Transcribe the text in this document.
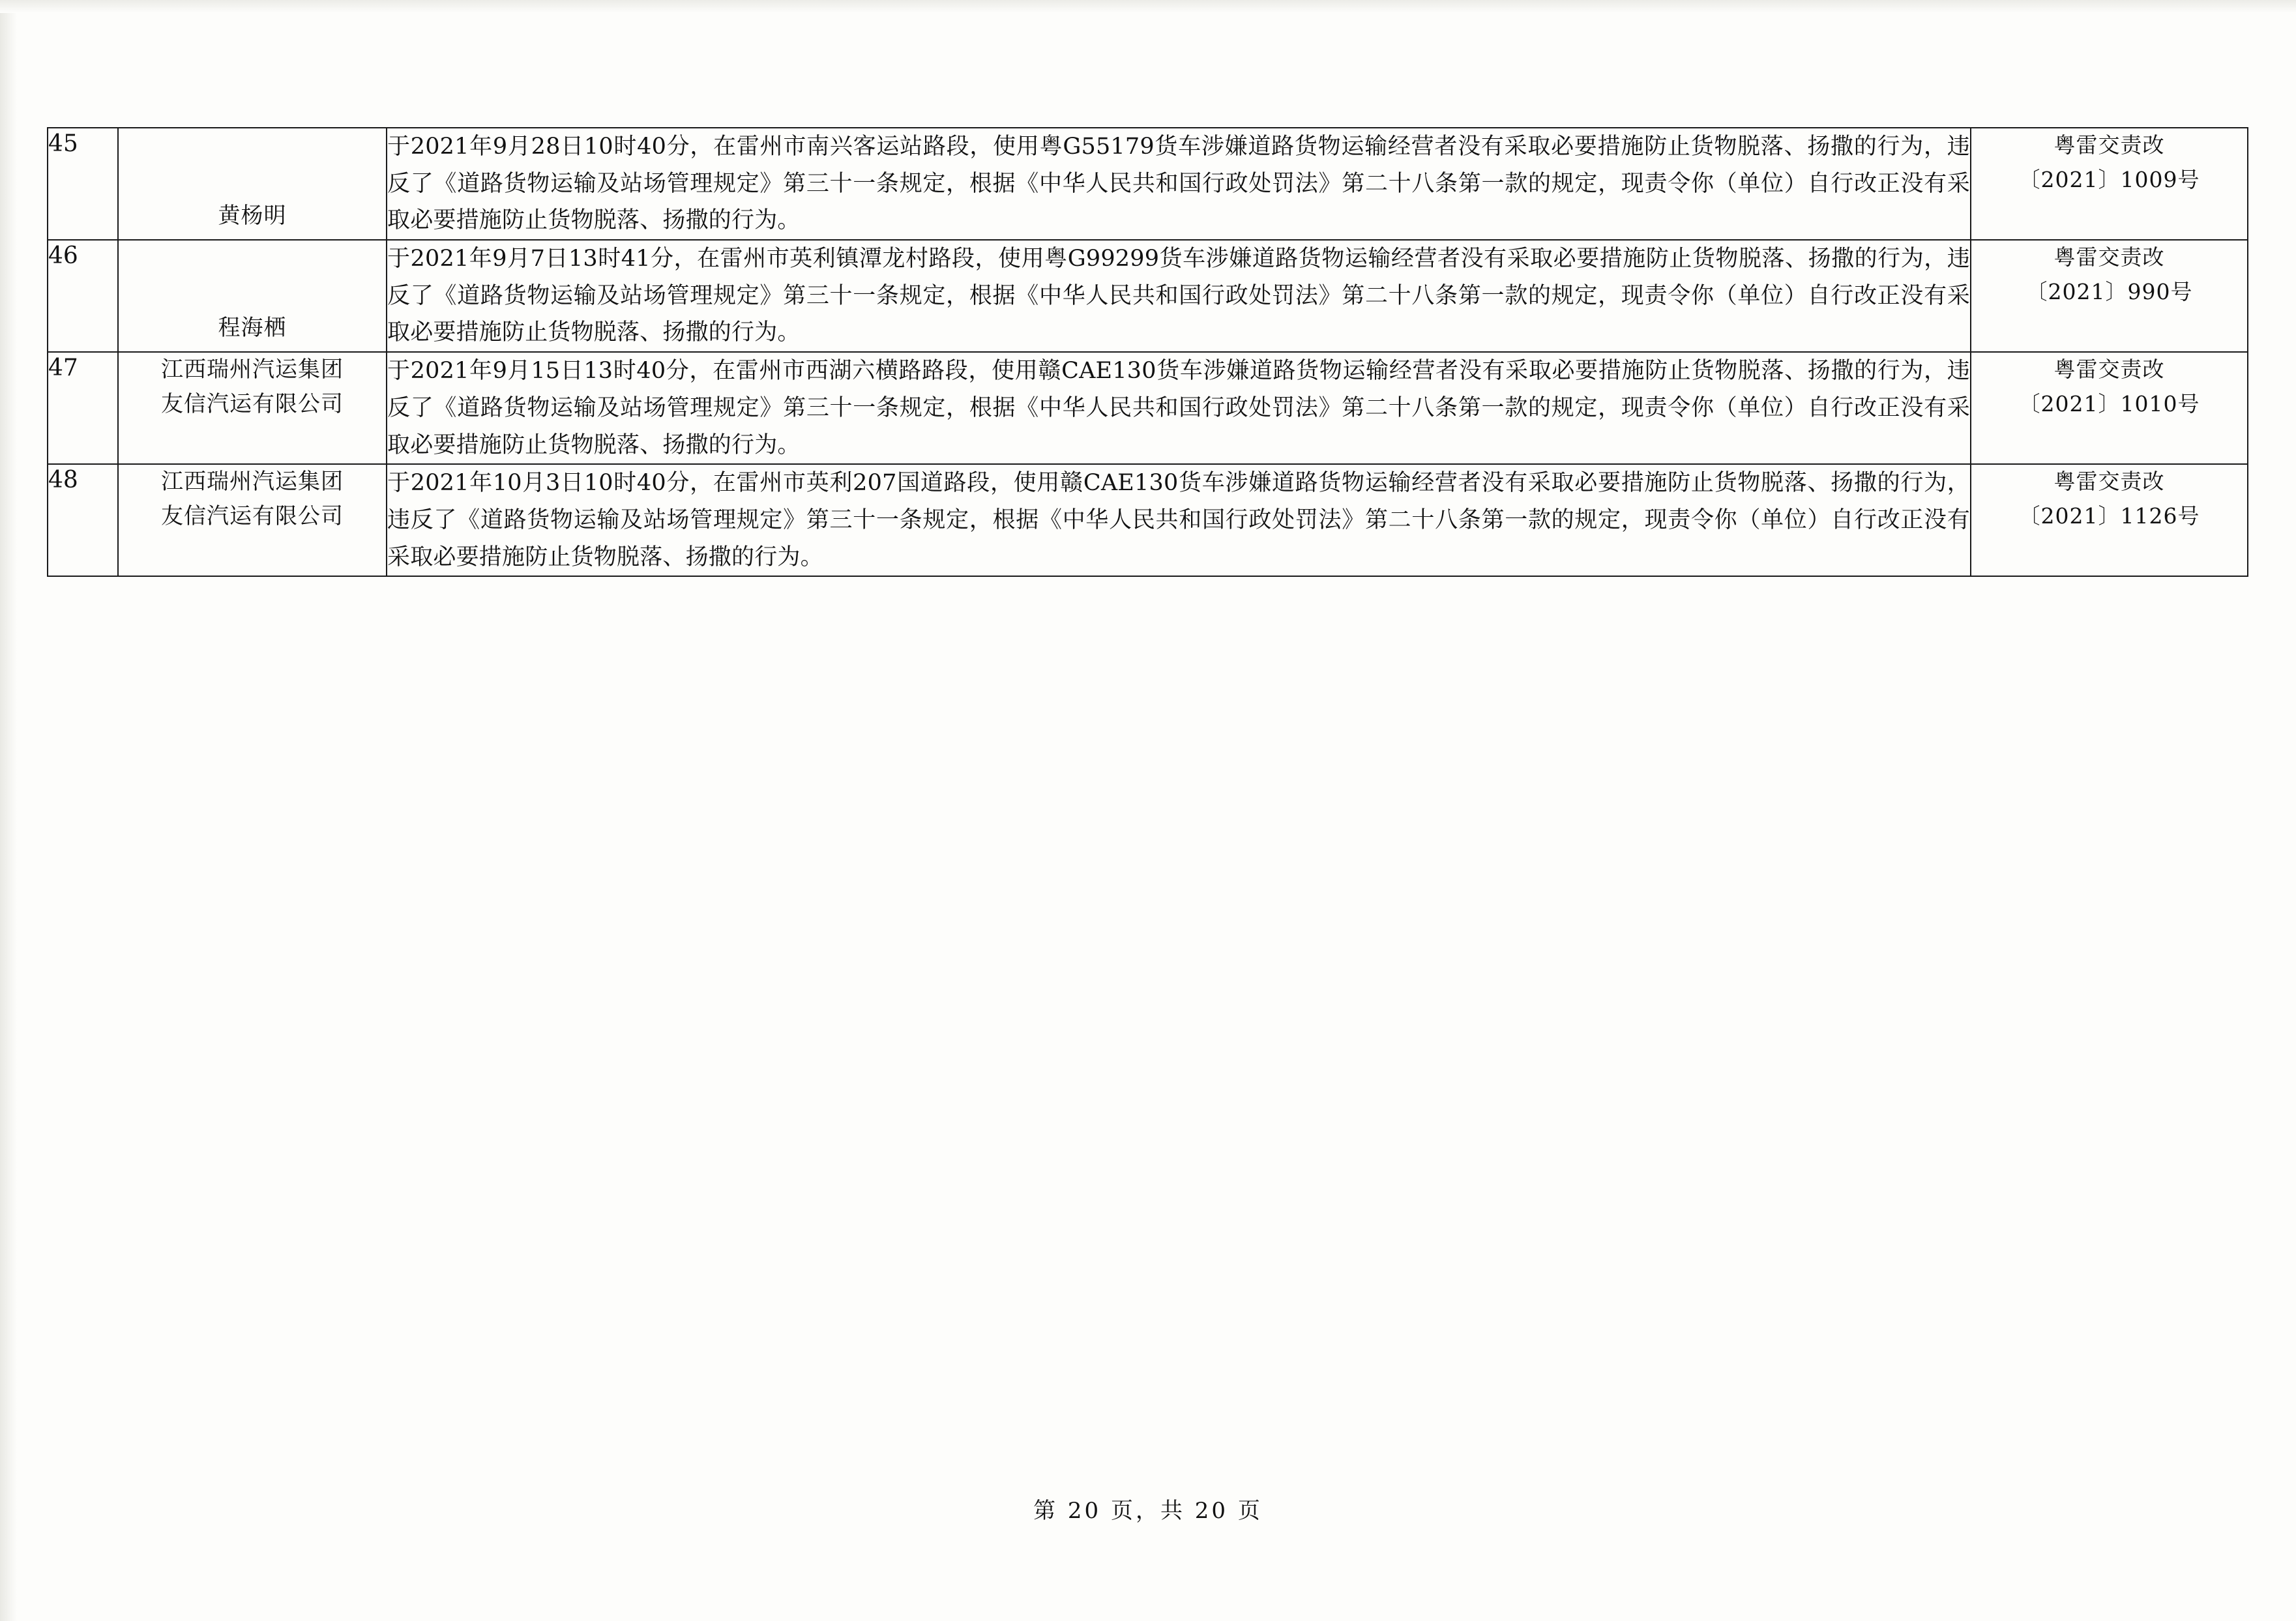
45	黄杨明	于2021年9月28日10时40分，在雷州市南兴客运站路段，使用粤G55179货车涉嫌道路货物运输经营者没有采取必要措施防止货物脱落、扬撒的行为，违反了《道路货物运输及站场管理规定》第三十一条规定，根据《中华人民共和国行政处罚法》第二十八条第一款的规定，现责令你（单位）自行改正没有采取必要措施防止货物脱落、扬撒的行为。	粤雷交责改
〔2021〕1009号

46	程海栖	于2021年9月7日13时41分，在雷州市英利镇潭龙村路段，使用粤G99299货车涉嫌道路货物运输经营者没有采取必要措施防止货物脱落、扬撒的行为，违反了《道路货物运输及站场管理规定》第三十一条规定，根据《中华人民共和国行政处罚法》第二十八条第一款的规定，现责令你（单位）自行改正没有采取必要措施防止货物脱落、扬撒的行为。	粤雷交责改
〔2021〕990号

47	江西瑞州汽运集团
友信汽运有限公司	于2021年9月15日13时40分，在雷州市西湖六横路路段，使用赣CAE130货车涉嫌道路货物运输经营者没有采取必要措施防止货物脱落、扬撒的行为，违反了《道路货物运输及站场管理规定》第三十一条规定，根据《中华人民共和国行政处罚法》第二十八条第一款的规定，现责令你（单位）自行改正没有采取必要措施防止货物脱落、扬撒的行为。	粤雷交责改
〔2021〕1010号

48	江西瑞州汽运集团
友信汽运有限公司	于2021年10月3日10时40分，在雷州市英利207国道路段，使用赣CAE130货车涉嫌道路货物运输经营者没有采取必要措施防止货物脱落、扬撒的行为，违反了《道路货物运输及站场管理规定》第三十一条规定，根据《中华人民共和国行政处罚法》第二十八条第一款的规定，现责令你（单位）自行改正没有采取必要措施防止货物脱落、扬撒的行为。	粤雷交责改
〔2021〕1126号
第 20 页，共 20 页
